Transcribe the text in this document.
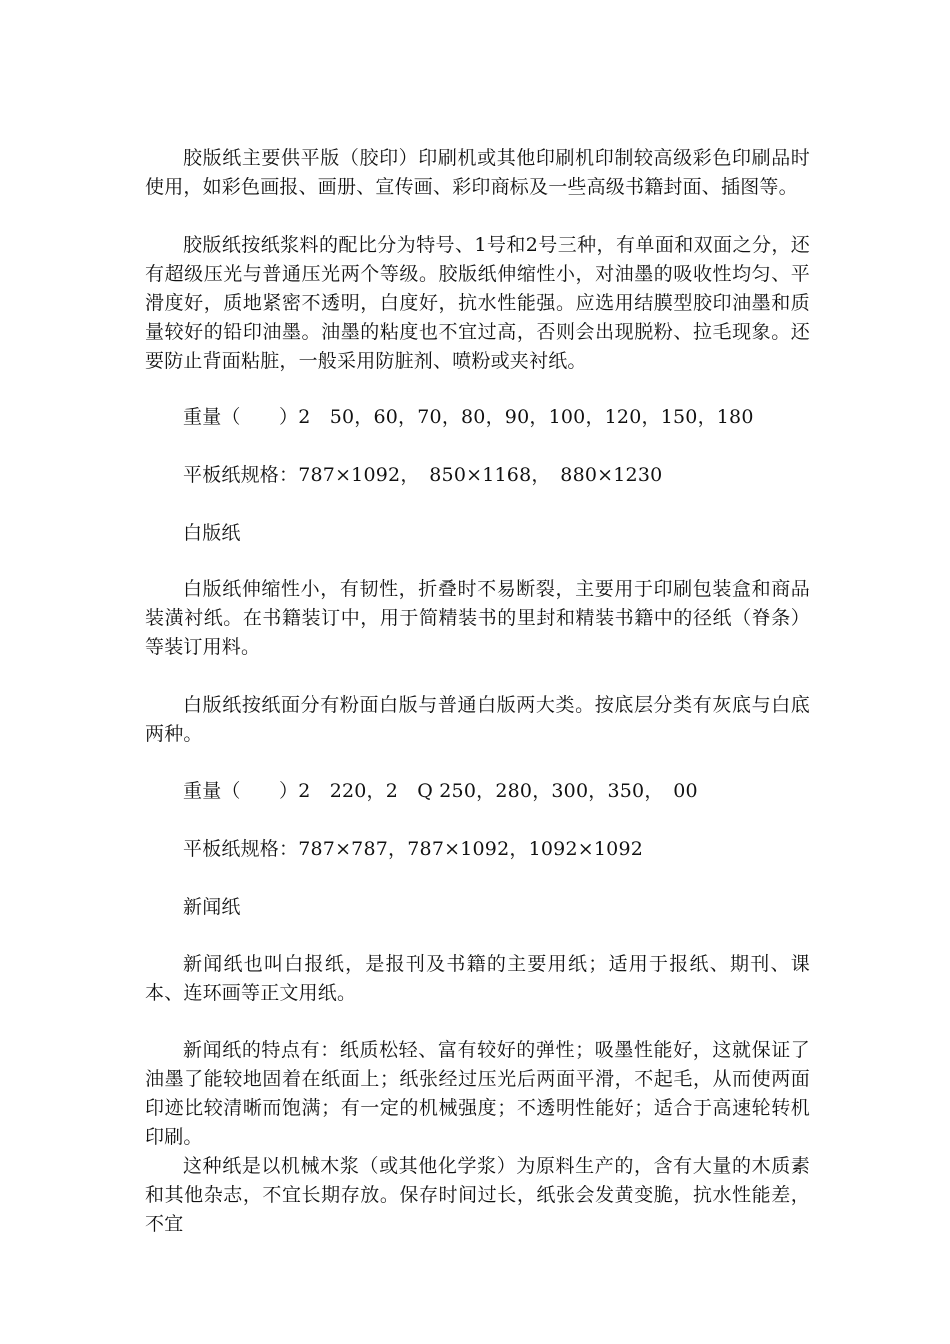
胶版纸主要供平版（胶印）印刷机或其他印刷机印制较高级彩色印刷品时使用，如彩色画报、画册、宣传画、彩印商标及一些高级书籍封面、插图等。

胶版纸按纸浆料的配比分为特号、1号和2号三种，有单面和双面之分，还有超级压光与普通压光两个等级。胶版纸伸缩性小，对油墨的吸收性均匀、平滑度好，质地紧密不透明，白度好，抗水性能强。应选用结膜型胶印油墨和质量较好的铅印油墨。油墨的粘度也不宜过高，否则会出现脱粉、拉毛现象。还要防止背面粘脏，一般采用防脏剂、喷粉或夹衬纸。

重量（　　）2　50，60，70，80，90，100，120，150，180

平板纸规格：787×1092，　850×1168，　880×1230

白版纸

白版纸伸缩性小，有韧性，折叠时不易断裂，主要用于印刷包装盒和商品装潢衬纸。在书籍装订中，用于简精装书的里封和精装书籍中的径纸（脊条）等装订用料。

白版纸按纸面分有粉面白版与普通白版两大类。按底层分类有灰底与白底两种。

重量（　　）2　220，2　Q 250，280，300，350，　00

平板纸规格：787×787，787×1092，1092×1092

新闻纸

新闻纸也叫白报纸，是报刊及书籍的主要用纸；适用于报纸、期刊、课本、连环画等正文用纸。

新闻纸的特点有：纸质松轻、富有较好的弹性；吸墨性能好，这就保证了油墨了能较地固着在纸面上；纸张经过压光后两面平滑，不起毛，从而使两面印迹比较清晰而饱满；有一定的机械强度；不透明性能好；适合于高速轮转机印刷。

这种纸是以机械木浆（或其他化学浆）为原料生产的，含有大量的木质素和其他杂志，不宜长期存放。保存时间过长，纸张会发黄变脆，抗水性能差，不宜
